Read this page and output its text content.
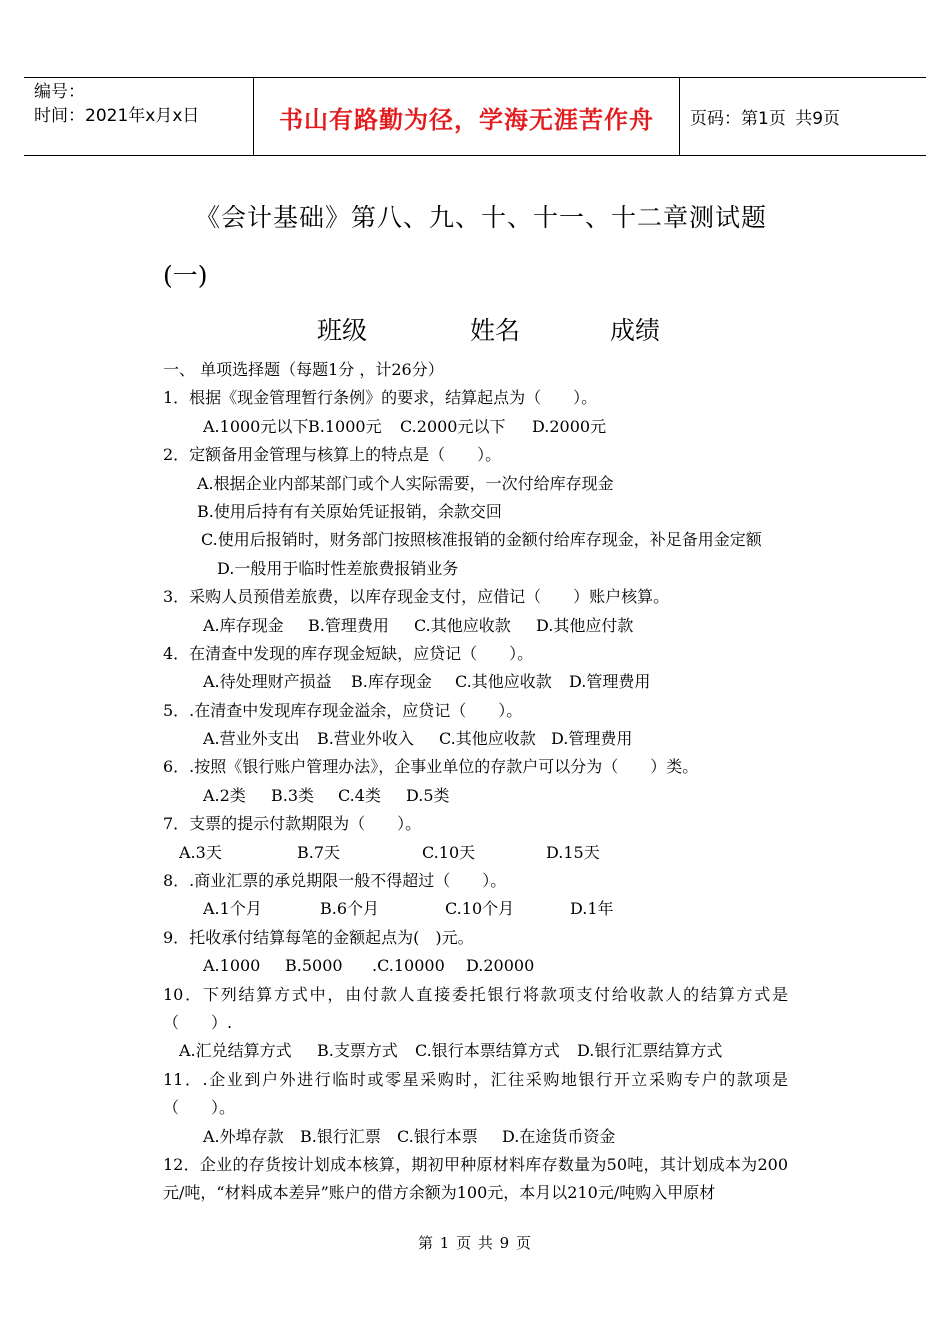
编号：
时间：2021年x月x日	书山有路勤为径，学海无涯苦作舟	页码：第1页 共9页
《会计基础》第八、九、十、十一、十二章测试题
(一)
班级	姓名	成绩
一、 单项选择题（每题1分 ，计26分）
1．根据《现金管理暂行条例》的要求，结算起点为（　　）。
A.1000元以下B.1000元 C.2000元以下 D.2000元
2．定额备用金管理与核算上的特点是（　　）。
A.根据企业内部某部门或个人实际需要，一次付给库存现金
B.使用后持有有关原始凭证报销，余款交回
C.使用后报销时，财务部门按照核准报销的金额付给库存现金，补足备用金定额
D.一般用于临时性差旅费报销业务
3．采购人员预借差旅费，以库存现金支付，应借记（　　）账户核算。
A.库存现金 B.管理费用 C.其他应收款 D.其他应付款
4．在清查中发现的库存现金短缺，应贷记（　　）。
A.待处理财产损益 B.库存现金 C.其他应收款 D.管理费用
5．.在清查中发现库存现金溢余，应贷记（　　）。
A.营业外支出 B.营业外收入 C.其他应收款 D.管理费用
6．.按照《银行账户管理办法》，企事业单位的存款户可以分为（　　）类。
A.2类 B.3类 C.4类 D.5类
7．支票的提示付款期限为（　　）。
A.3天	B.7天	C.10天	D.15天
8．.商业汇票的承兑期限一般不得超过（　　）。
A.1个月	B.6个月	C.10个月	D.1年
9．托收承付结算每笔的金额起点为(　)元。
A.1000 B.5000 .C.10000 D.20000
10．下列结算方式中，由付款人直接委托银行将款项支付给收款人的结算方式是（　　）.
A.汇兑结算方式 B.支票方式 C.银行本票结算方式 D.银行汇票结算方式
11．.企业到户外进行临时或零星采购时，汇往采购地银行开立采购专户的款项是（　　）。
A.外埠存款 B.银行汇票 C.银行本票 D.在途货币资金
12．企业的存货按计划成本核算，期初甲种原材料库存数量为50吨，其计划成本为200元/吨，“材料成本差异”账户的借方余额为100元，本月以210元/吨购入甲原材
第 1 页 共 9 页
